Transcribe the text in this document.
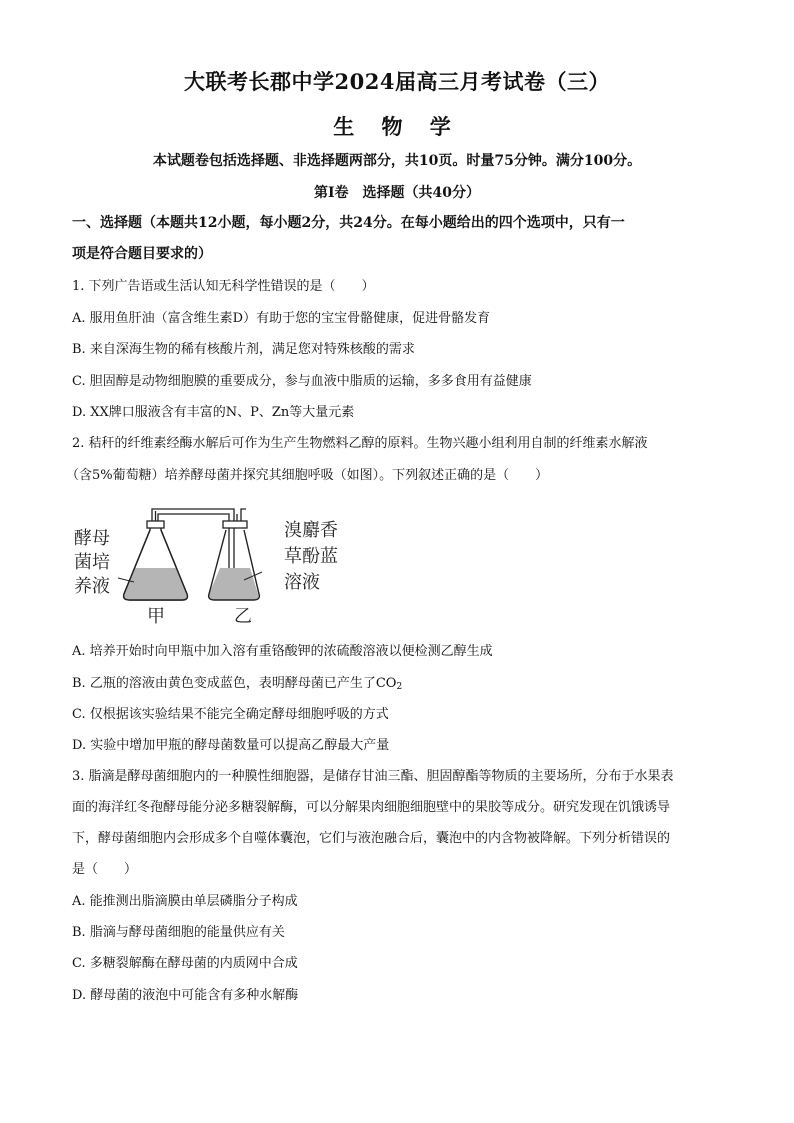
大联考长郡中学2024届高三月考试卷（三）
生 物 学
本试题卷包括选择题、非选择题两部分，共10页。时量75分钟。满分100分。
第Ⅰ卷　选择题（共40分）
一、选择题（本题共12小题，每小题2分，共24分。在每小题给出的四个选项中，只有一
项是符合题目要求的）
1. 下列广告语或生活认知无科学性错误的是（　　）
A. 服用鱼肝油（富含维生素D）有助于您的宝宝骨骼健康，促进骨骼发育
B. 来自深海生物的稀有核酸片剂，满足您对特殊核酸的需求
C. 胆固醇是动物细胞膜的重要成分，参与血液中脂质的运输，多多食用有益健康
D. XX牌口服液含有丰富的N、P、Zn等大量元素
2. 秸秆的纤维素经酶水解后可作为生产生物燃料乙醇的原料。生物兴趣小组利用自制的纤维素水解液
（含5%葡萄糖）培养酵母菌并探究其细胞呼吸（如图）。下列叙述正确的是（　　）
酵母
菌培
养液
溴麝香
草酚蓝
溶液
甲	乙
A. 培养开始时向甲瓶中加入溶有重铬酸钾的浓硫酸溶液以便检测乙醇生成
B. 乙瓶的溶液由黄色变成蓝色，表明酵母菌已产生了$CO_2$
C. 仅根据该实验结果不能完全确定酵母细胞呼吸的方式
D. 实验中增加甲瓶的酵母菌数量可以提高乙醇最大产量
3. 脂滴是酵母菌细胞内的一种膜性细胞器，是储存甘油三酯、胆固醇酯等物质的主要场所，分布于水果表
面的海洋红冬孢酵母能分泌多糖裂解酶，可以分解果肉细胞细胞壁中的果胶等成分。研究发现在饥饿诱导
下，酵母菌细胞内会形成多个自噬体囊泡，它们与液泡融合后，囊泡中的内含物被降解。下列分析错误的
是（　　）
A. 能推测出脂滴膜由单层磷脂分子构成
B. 脂滴与酵母菌细胞的能量供应有关
C. 多糖裂解酶在酵母菌的内质网中合成
D. 酵母菌的液泡中可能含有多种水解酶
